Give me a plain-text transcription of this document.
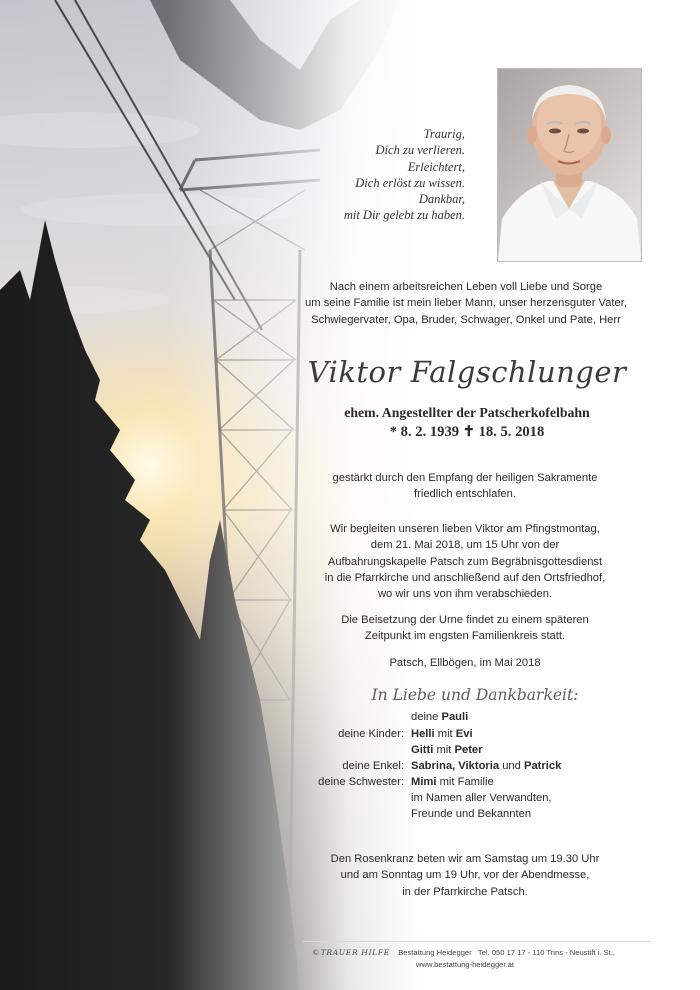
Traurig,
Dich zu verlieren.
Erleichtert,
Dich erlöst zu wissen.
Dankbar,
mit Dir gelebt zu haben.
Nach einem arbeitsreichen Leben voll Liebe und Sorge
um seine Familie ist mein lieber Mann, unser herzensguter Vater,
Schwiegervater, Opa, Bruder, Schwager, Onkel und Pate, Herr
Viktor Falgschlunger
ehem. Angestellter der Patscherkofelbahn
* 8. 2. 1939 ✝ 18. 5. 2018
gestärkt durch den Empfang der heiligen Sakramente
friedlich entschlafen.
Wir begleiten unseren lieben Viktor am Pfingstmontag,
dem 21. Mai 2018, um 15 Uhr von der
Aufbahrungskapelle Patsch zum Begräbnisgottesdienst
in die Pfarrkirche und anschließend auf den Ortsfriedhof,
wo wir uns von ihm verabschieden.
Die Beisetzung der Urne findet zu einem späteren
Zeitpunkt im engsten Familienkreis statt.
Patsch, Ellbögen, im Mai 2018
In Liebe und Dankbarkeit:
deine Pauli
deine Kinder: Helli mit Evi
Gitti mit Peter
deine Enkel: Sabrina, Viktoria und Patrick
deine Schwester: Mimi mit Familie
im Namen aller Verwandten,
Freunde und Bekannten
Den Rosenkranz beten wir am Samstag um 19.30 Uhr
und am Sonntag um 19 Uhr, vor der Abendmesse,
in der Pfarrkirche Patsch.
© TRAUER HILFE Bestattung Heidegger Tel. 050 17 17 - 110 Trins - Neustift i. St.,
www.bestattung-heidegger.at
